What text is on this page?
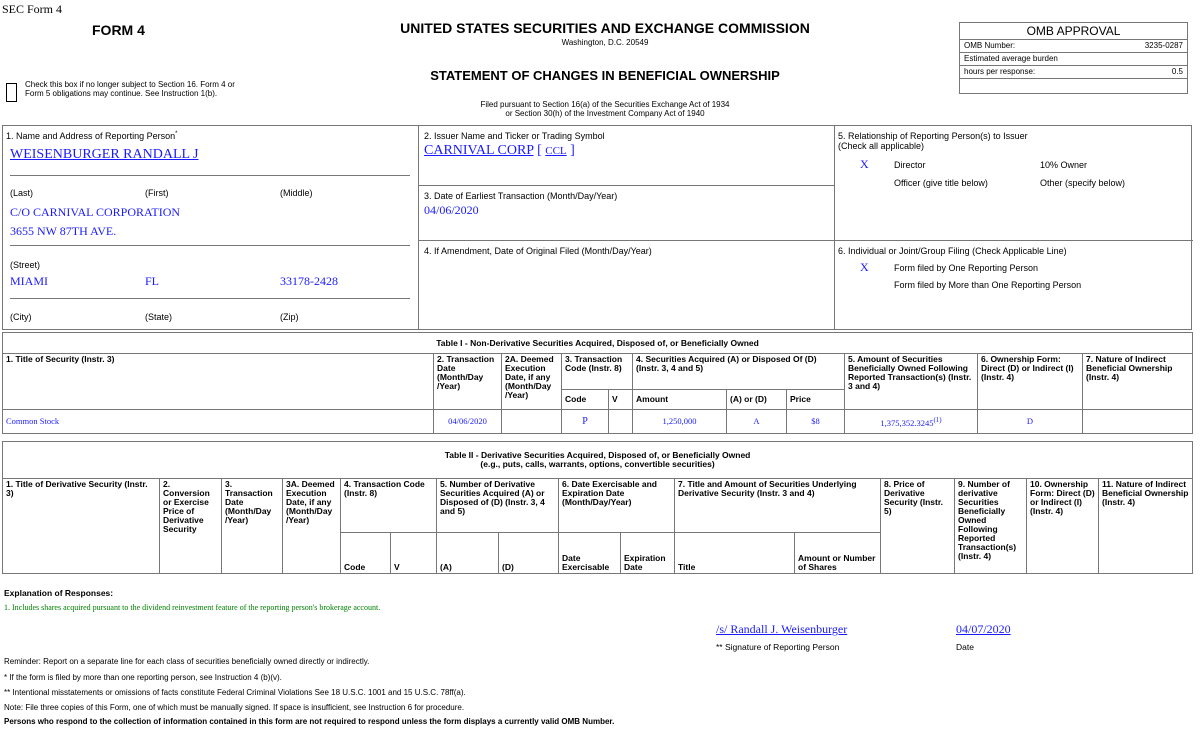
SEC Form 4
FORM 4	UNITED STATES SECURITIES AND EXCHANGE COMMISSION
Washington, D.C. 20549
STATEMENT OF CHANGES IN BENEFICIAL OWNERSHIP
Filed pursuant to Section 16(a) of the Securities Exchange Act of 1934
or Section 30(h) of the Investment Company Act of 1940
Check this box if no longer subject to Section 16. Form 4 or Form 5 obligations may continue. See Instruction 1(b).
OMB APPROVAL
OMB Number:	3235-0287
Estimated average burden
hours per response:	0.5
1. Name and Address of Reporting Person*
WEISENBURGER RANDALL J
(Last)	(First)	(Middle)
C/O CARNIVAL CORPORATION
3655 NW 87TH AVE.
(Street)
MIAMI	FL	33178-2428
(City)	(State)	(Zip)
2. Issuer Name and Ticker or Trading Symbol
CARNIVAL CORP [ CCL ]
3. Date of Earliest Transaction (Month/Day/Year)
04/06/2020
4. If Amendment, Date of Original Filed (Month/Day/Year)
5. Relationship of Reporting Person(s) to Issuer
(Check all applicable)
X	Director	10% Owner
Officer (give title below)	Other (specify below)
6. Individual or Joint/Group Filing (Check Applicable Line)
X	Form filed by One Reporting Person
Form filed by More than One Reporting Person
Table I - Non-Derivative Securities Acquired, Disposed of, or Beneficially Owned										
1. Title of Security (Instr. 3)	2. Transaction Date (Month/Day /Year)	2A. Deemed Execution Date, if any (Month/Day /Year)	3. Transaction Code (Instr. 8)		4. Securities Acquired (A) or Disposed Of (D) (Instr. 3, 4 and 5)			5. Amount of Securities Beneficially Owned Following Reported Transaction(s) (Instr. 3 and 4)	6. Ownership Form: Direct (D) or Indirect (I) (Instr. 4)	7. Nature of Indirect Beneficial Ownership (Instr. 4)
			Code	V	Amount	(A) or (D)	Price			
Common Stock	04/06/2020		P		1,250,000	A	$8	1,375,352.3245$^{(1)}$	D	
Table II - Derivative Securities Acquired, Disposed of, or Beneficially Owned
(e.g., puts, calls, warrants, options, convertible securities)															

1. Title of Derivative Security (Instr. 3)	2. Conversion or Exercise Price of Derivative Security	3. Transaction Date (Month/Day /Year)	3A. Deemed Execution Date, if any (Month/Day /Year)	4. Transaction Code (Instr. 8)		5. Number of Derivative Securities Acquired (A) or Disposed of (D) (Instr. 3, 4 and 5)		6. Date Exercisable and Expiration Date (Month/Day/Year)		7. Title and Amount of Securities Underlying Derivative Security (Instr. 3 and 4)		8. Price of Derivative Security (Instr. 5)	9. Number of derivative Securities Beneficially Owned Following Reported Transaction(s) (Instr. 4)	10. Ownership Form: Direct (D) or Indirect (I) (Instr. 4)	11. Nature of Indirect Beneficial Ownership (Instr. 4)
				Code	V	(A)	(D)	Date Exercisable	Expiration Date	Title	Amount or Number of Shares				
Explanation of Responses:
1. Includes shares acquired pursuant to the dividend reinvestment feature of the reporting person's brokerage account.
/s/ Randall J. Weisenburger	04/07/2020
** Signature of Reporting Person	Date
Reminder: Report on a separate line for each class of securities beneficially owned directly or indirectly.
* If the form is filed by more than one reporting person, see Instruction 4 (b)(v).
** Intentional misstatements or omissions of facts constitute Federal Criminal Violations See 18 U.S.C. 1001 and 15 U.S.C. 78ff(a).
Note: File three copies of this Form, one of which must be manually signed. If space is insufficient, see Instruction 6 for procedure.
Persons who respond to the collection of information contained in this form are not required to respond unless the form displays a currently valid OMB Number.
